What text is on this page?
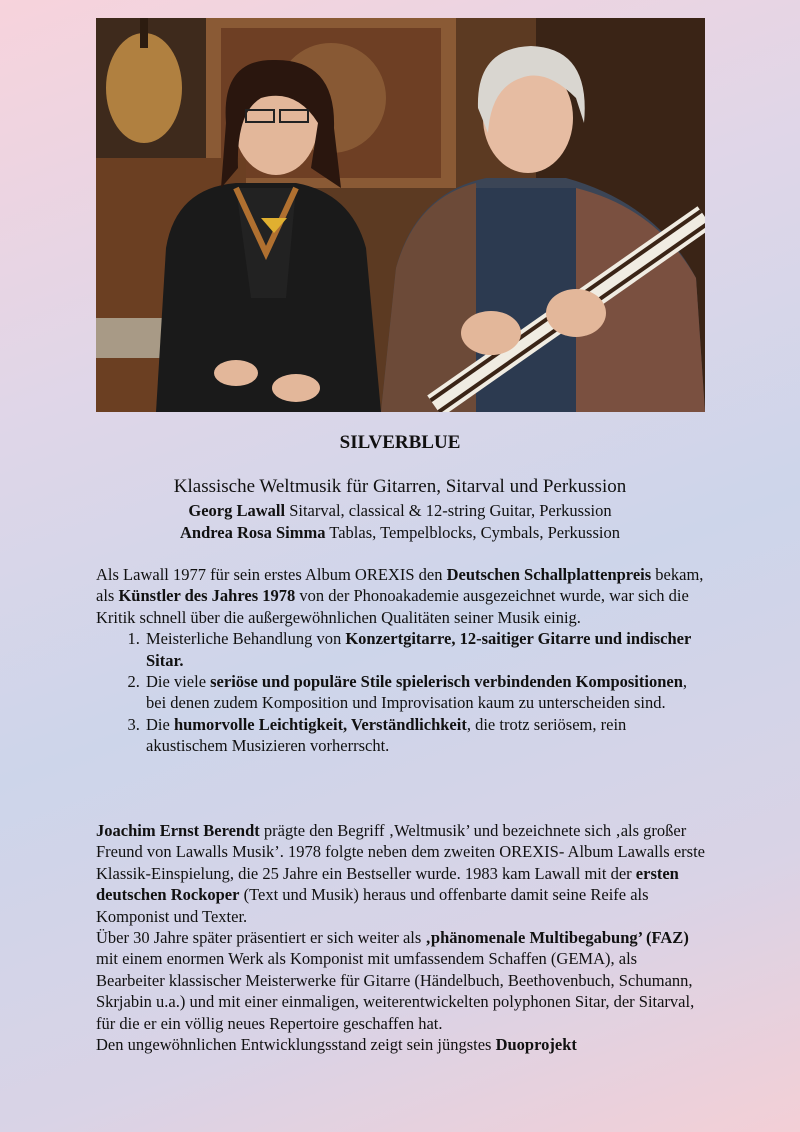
SILVERBLUE
Klassische Weltmusik für Gitarren, Sitarval und Perkussion
Georg Lawall Sitarval, classical & 12-string Guitar, Perkussion
Andrea Rosa Simma Tablas, Tempelblocks, Cymbals, Perkussion

Als Lawall 1977 für sein erstes Album OREXIS den Deutschen Schallplattenpreis bekam, als Künstler des Jahres 1978 von der Phonoakademie ausgezeichnet wurde, war sich die Kritik schnell über die außergewöhnlichen Qualitäten seiner Musik einig.

1. Meisterliche Behandlung von Konzertgitarre, 12-saitiger Gitarre und indischer Sitar.
2. Die viele seriöse und populäre Stile spielerisch verbindenden Kompositionen, bei denen zudem Komposition und Improvisation kaum zu unterscheiden sind.
3. Die humorvolle Leichtigkeit, Verständlichkeit, die trotz seriösem, rein akustischem Musizieren vorherrscht.

Joachim Ernst Berendt prägte den Begriff ‚Weltmusik’ und bezeichnete sich ‚als großer Freund von Lawalls Musik’. 1978 folgte neben dem zweiten OREXIS- Album Lawalls erste Klassik-Einspielung, die 25 Jahre ein Bestseller wurde. 1983 kam Lawall mit der ersten deutschen Rockoper (Text und Musik) heraus und offenbarte damit seine Reife als Komponist und Texter.

Über 30 Jahre später präsentiert er sich weiter als ‚phänomenale Multibegabung’ (FAZ) mit einem enormen Werk als Komponist mit umfassendem Schaffen (GEMA), als Bearbeiter klassischer Meisterwerke für Gitarre (Händelbuch, Beethovenbuch, Schumann, Skrjabin u.a.) und mit einer einmaligen, weiterentwickelten polyphonen Sitar, der Sitarval, für die er ein völlig neues Repertoire geschaffen hat.

Den ungewöhnlichen Entwicklungsstand zeigt sein jüngstes Duoprojekt
